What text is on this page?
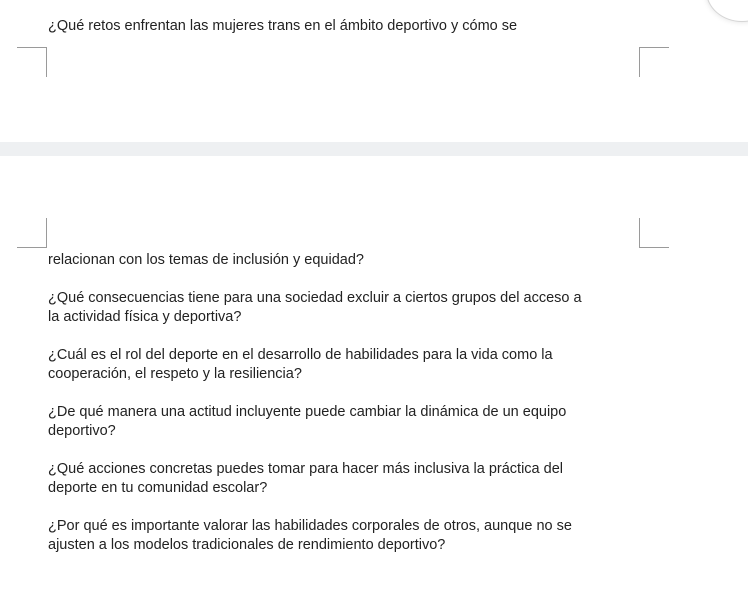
¿Qué retos enfrentan las mujeres trans en el ámbito deportivo y cómo se
relacionan con los temas de inclusión y equidad?
¿Qué consecuencias tiene para una sociedad excluir a ciertos grupos del acceso a
la actividad física y deportiva?
¿Cuál es el rol del deporte en el desarrollo de habilidades para la vida como la
cooperación, el respeto y la resiliencia?
¿De qué manera una actitud incluyente puede cambiar la dinámica de un equipo
deportivo?
¿Qué acciones concretas puedes tomar para hacer más inclusiva la práctica del
deporte en tu comunidad escolar?
¿Por qué es importante valorar las habilidades corporales de otros, aunque no se
ajusten a los modelos tradicionales de rendimiento deportivo?
